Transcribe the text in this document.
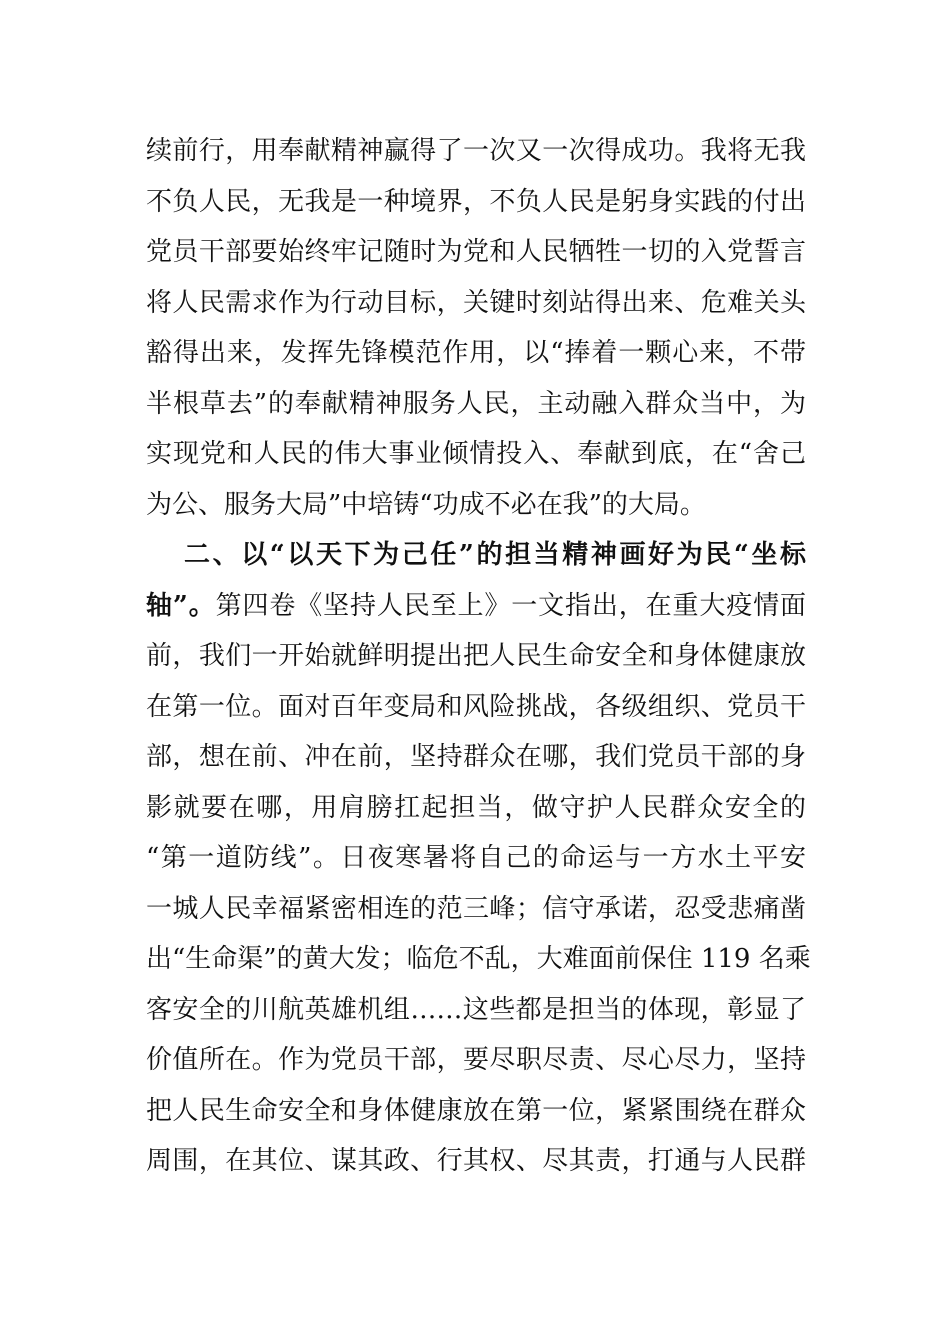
续前行，用奉献精神赢得了一次又一次得成功。我将无我
不负人民，无我是一种境界，不负人民是躬身实践的付出
党员干部要始终牢记随时为党和人民牺牲一切的入党誓言
将人民需求作为行动目标，关键时刻站得出来、危难关头
豁得出来，发挥先锋模范作用，以“捧着一颗心来，不带
半根草去”的奉献精神服务人民，主动融入群众当中，为
实现党和人民的伟大事业倾情投入、奉献到底，在“舍己
为公、服务大局”中培铸“功成不必在我”的大局。
二、以“以天下为己任”的担当精神画好为民“坐标
轴”。第四卷《坚持人民至上》一文指出，在重大疫情面
前，我们一开始就鲜明提出把人民生命安全和身体健康放
在第一位。面对百年变局和风险挑战，各级组织、党员干
部，想在前、冲在前，坚持群众在哪，我们党员干部的身
影就要在哪，用肩膀扛起担当，做守护人民群众安全的
“第一道防线”。日夜寒暑将自己的命运与一方水土平安
一城人民幸福紧密相连的范三峰；信守承诺，忍受悲痛凿
出“生命渠”的黄大发；临危不乱，大难面前保住 119 名乘
客安全的川航英雄机组……这些都是担当的体现，彰显了
价值所在。作为党员干部，要尽职尽责、尽心尽力，坚持
把人民生命安全和身体健康放在第一位，紧紧围绕在群众
周围，在其位、谋其政、行其权、尽其责，打通与人民群
